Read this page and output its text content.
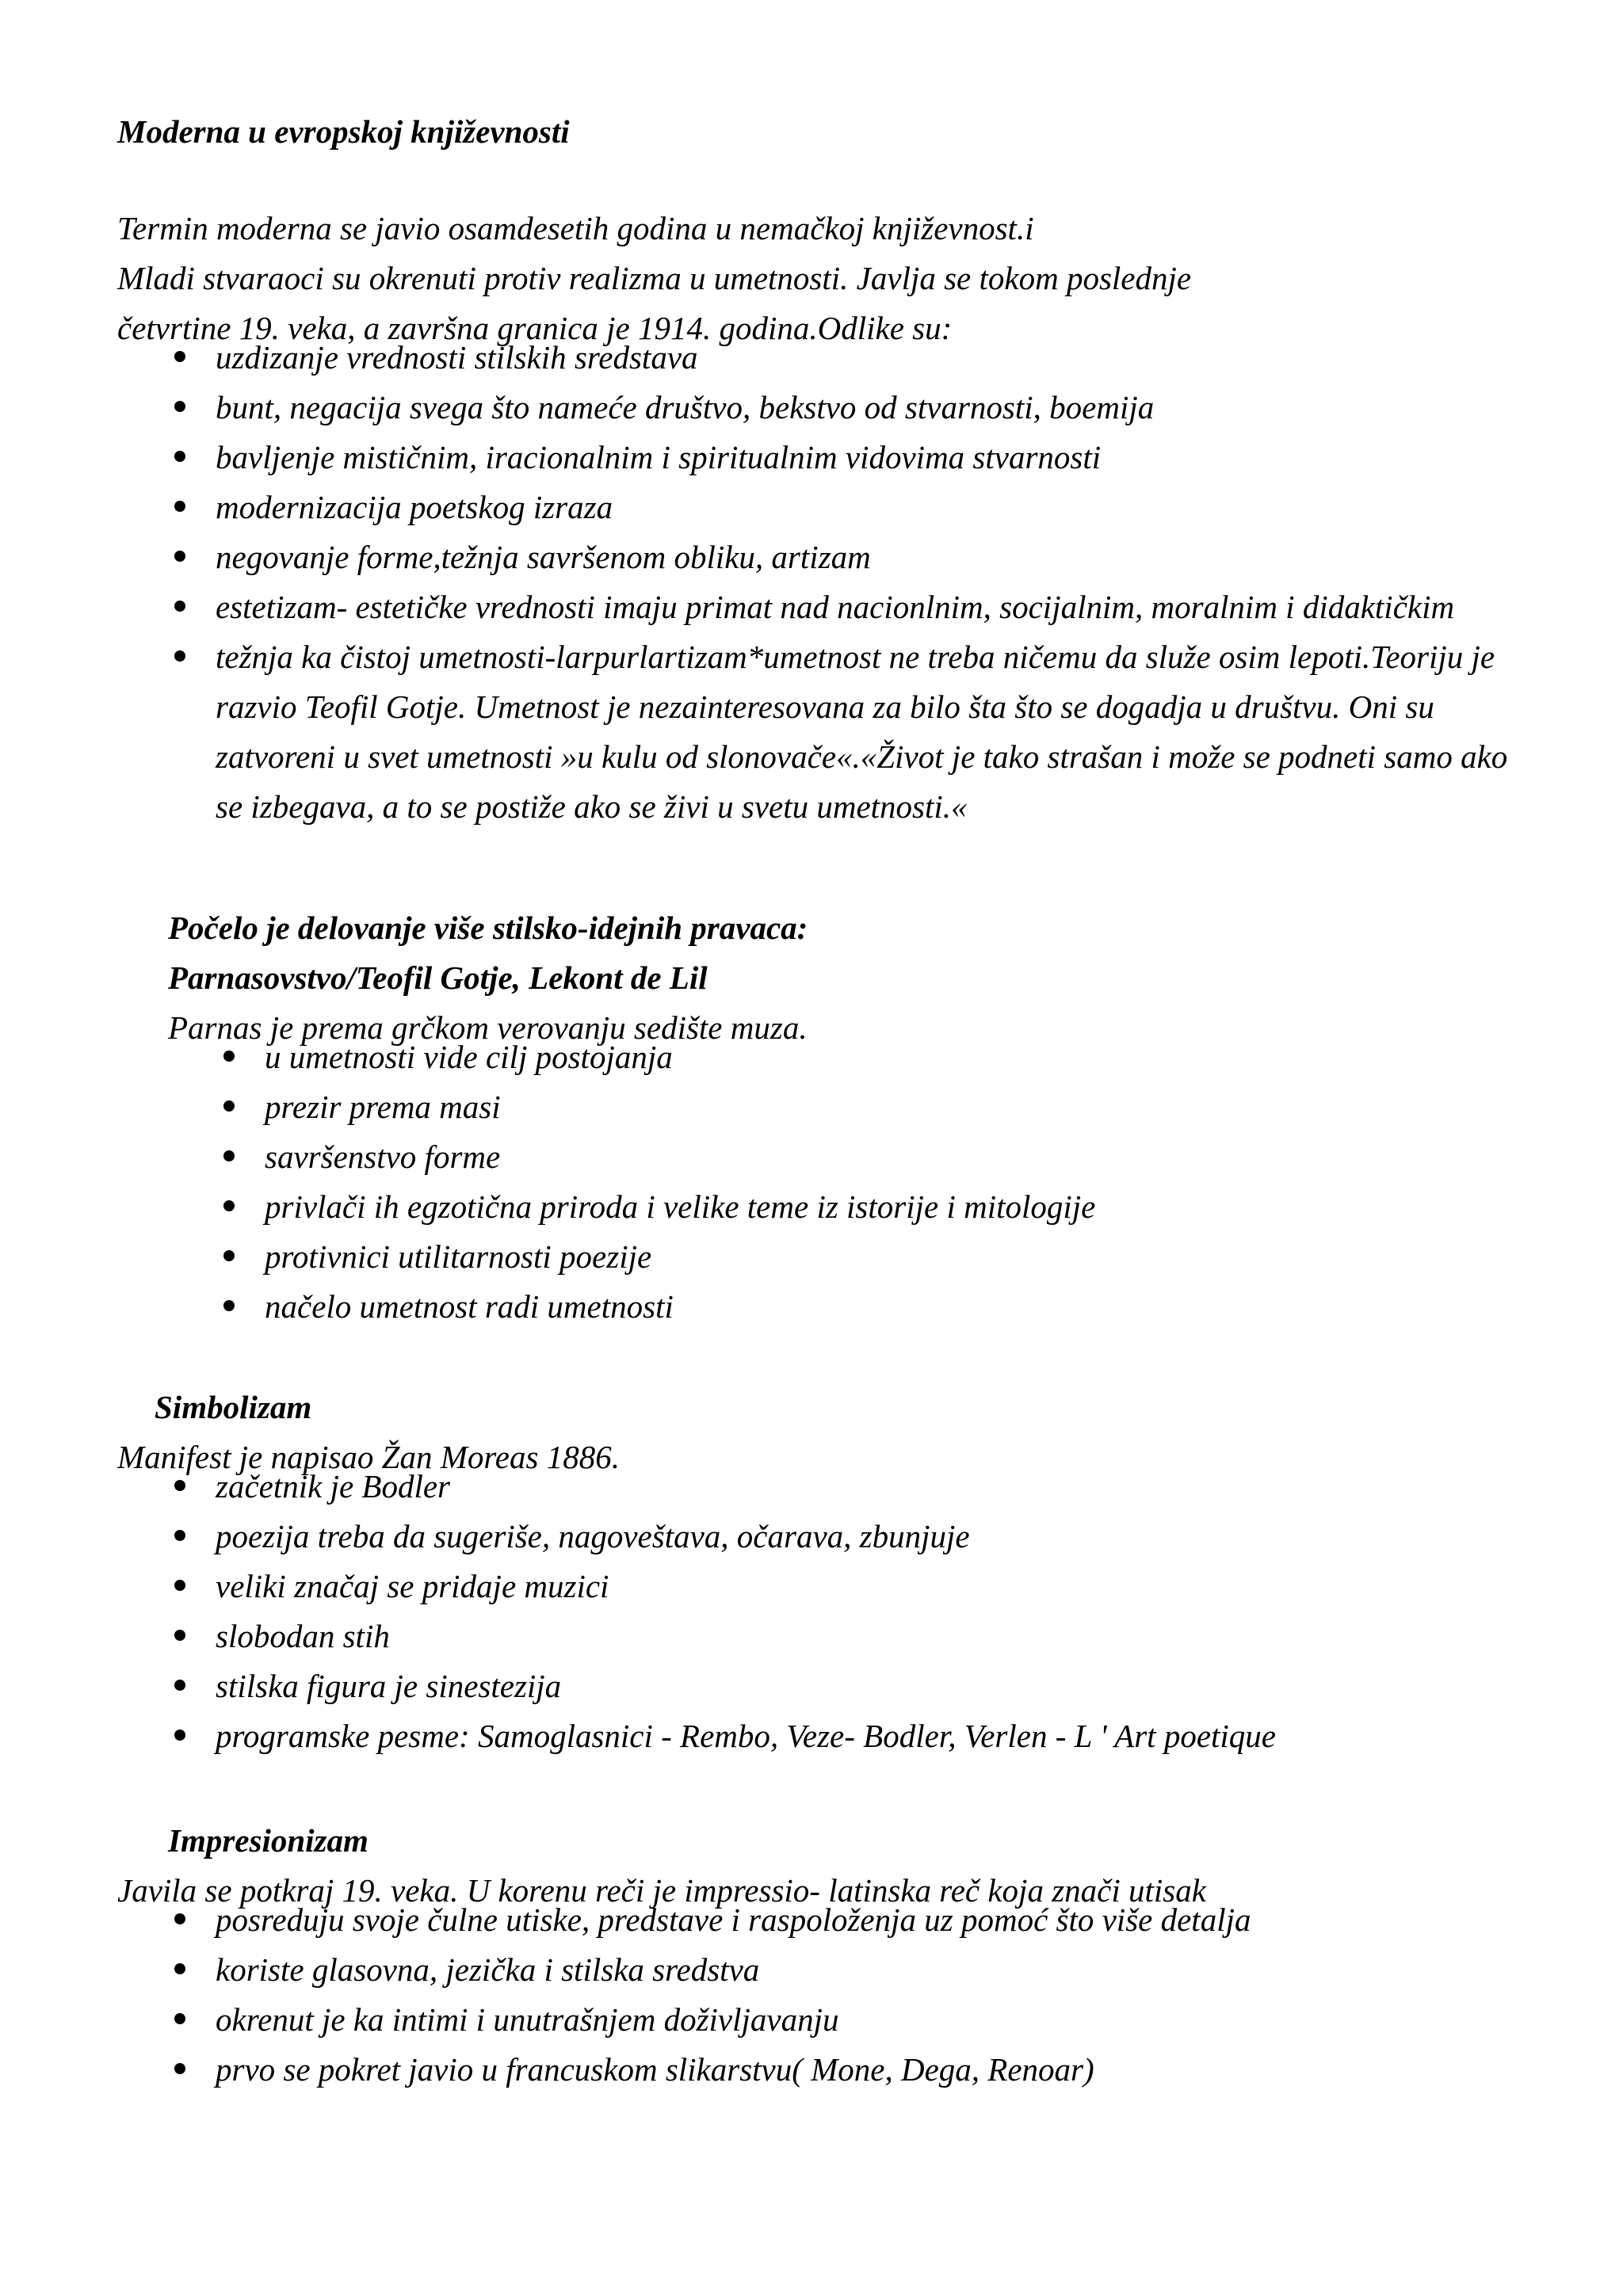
Moderna u evropskoj književnosti

Termin moderna se javio osamdesetih godina u nemačkoj književnost.i

Mladi stvaraoci su okrenuti protiv realizma u umetnosti. Javlja se tokom poslednje

četvrtine 19. veka, a završna granica je 1914. godina.Odlike su:

uzdizanje vrednosti stilskih sredstava
bunt, negacija svega što nameće društvo, bekstvo od stvarnosti, boemija
bavljenje mističnim, iracionalnim i spiritualnim vidovima stvarnosti
modernizacija poetskog izraza
negovanje forme,težnja savršenom obliku, artizam
estetizam- estetičke vrednosti imaju primat nad nacionlnim, socijalnim, moralnim i didaktičkim
težnja ka čistoj umetnosti-larpurlartizam*umetnost ne treba ničemu da služe osim lepoti.Teoriju je razvio Teofil Gotje. Umetnost je nezainteresovana za bilo šta što se dogadja u društvu. Oni su zatvoreni u svet umetnosti »u kulu od slonovače«.«Život je tako strašan i može se podneti samo ako se izbegava, a to se postiže ako se živi u svetu umetnosti.«

Počelo je delovanje više stilsko-idejnih pravaca:

Parnasovstvo/Teofil Gotje, Lekont de Lil

Parnas je prema grčkom verovanju sedište muza.

u umetnosti vide cilj postojanja
prezir prema masi
savršenstvo forme
privlači ih egzotična priroda i velike teme iz istorije i mitologije
protivnici utilitarnosti poezije
načelo umetnost radi umetnosti

Simbolizam

Manifest je napisao Žan Moreas 1886.

začetnik je Bodler
poezija treba da sugeriše, nagoveštava, očarava, zbunjuje
veliki značaj se pridaje muzici
slobodan stih
stilska figura je sinestezija
programske pesme: Samoglasnici - Rembo, Veze- Bodler, Verlen - L ' Art poetique

Impresionizam

Javila se potkraj 19. veka. U korenu reči je impressio- latinska reč koja znači utisak

posreduju svoje čulne utiske, predstave i raspoloženja uz pomoć što više detalja
koriste glasovna, jezička i stilska sredstva
okrenut je ka intimi i unutrašnjem doživljavanju
prvo se pokret javio u francuskom slikarstvu( Mone, Dega, Renoar)
